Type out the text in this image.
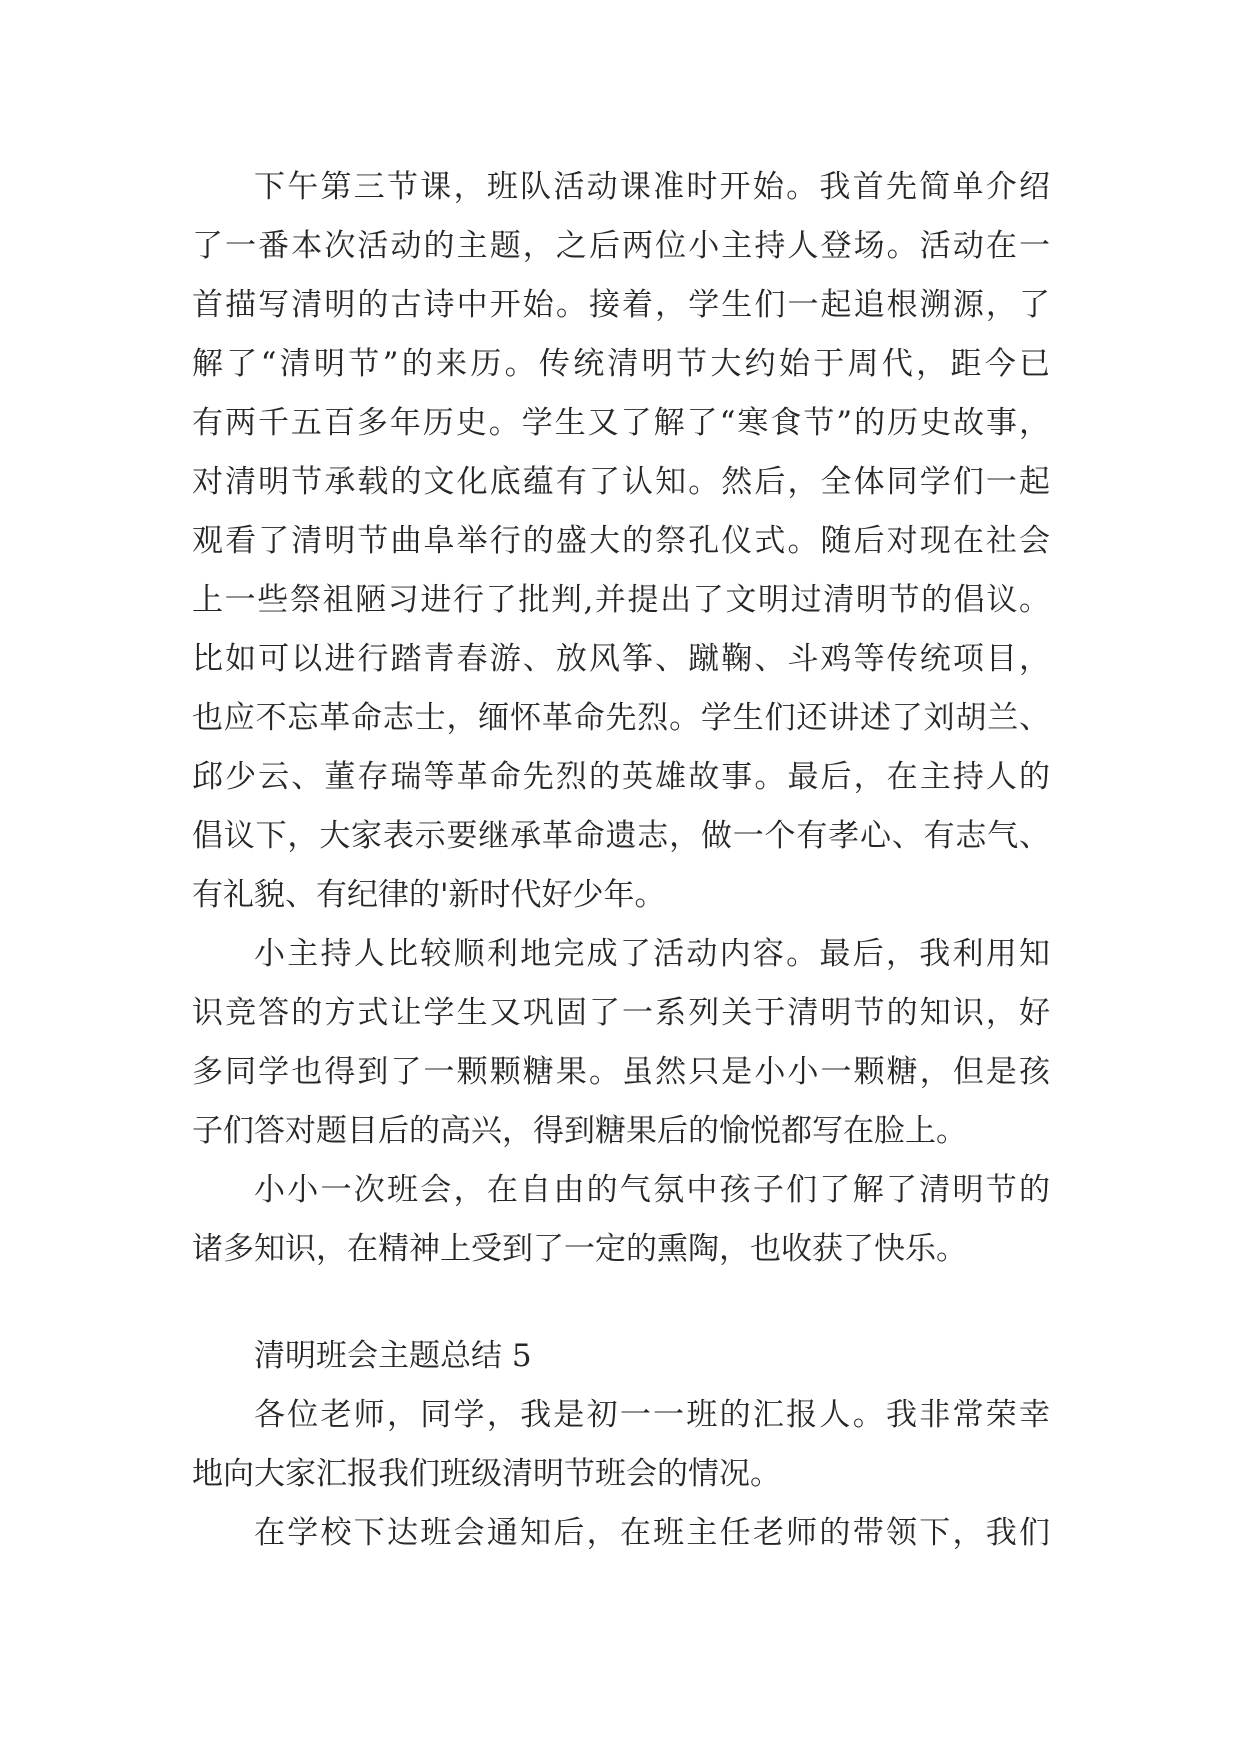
下午第三节课，班队活动课准时开始。我首先简单介绍
了一番本次活动的主题，之后两位小主持人登场。活动在一
首描写清明的古诗中开始。接着，学生们一起追根溯源，了
解了“清明节”的来历。传统清明节大约始于周代，距今已
有两千五百多年历史。学生又了解了“寒食节”的历史故事，
对清明节承载的文化底蕴有了认知。然后，全体同学们一起
观看了清明节曲阜举行的盛大的祭孔仪式。随后对现在社会
上一些祭祖陋习进行了批判,并提出了文明过清明节的倡议。
比如可以进行踏青春游、放风筝、蹴鞠、斗鸡等传统项目，
也应不忘革命志士，缅怀革命先烈。学生们还讲述了刘胡兰、
邱少云、董存瑞等革命先烈的英雄故事。最后，在主持人的
倡议下，大家表示要继承革命遗志，做一个有孝心、有志气、
有礼貌、有纪律的'新时代好少年。
小主持人比较顺利地完成了活动内容。最后，我利用知
识竞答的方式让学生又巩固了一系列关于清明节的知识，好
多同学也得到了一颗颗糖果。虽然只是小小一颗糖，但是孩
子们答对题目后的高兴，得到糖果后的愉悦都写在脸上。
小小一次班会，在自由的气氛中孩子们了解了清明节的
诸多知识，在精神上受到了一定的熏陶，也收获了快乐。
清明班会主题总结 5
各位老师，同学，我是初一一班的汇报人。我非常荣幸
地向大家汇报我们班级清明节班会的情况。
在学校下达班会通知后，在班主任老师的带领下，我们
